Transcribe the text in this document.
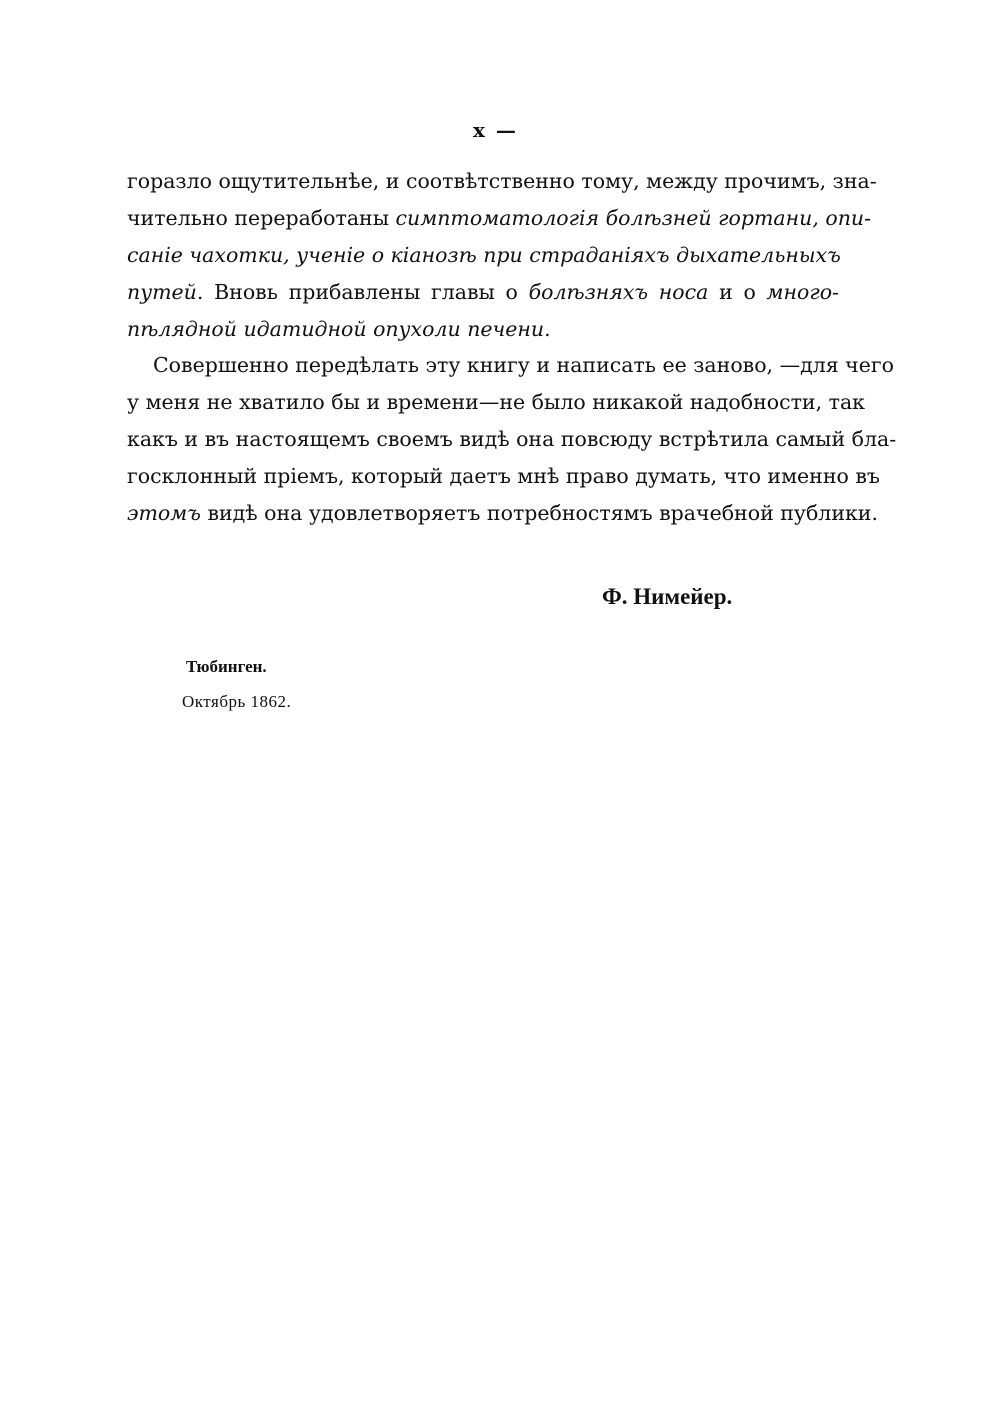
x —
горазло ощутительнѣе, и соотвѣтственно тому, между прочимъ, зна-
чительно переработаны симптоматологія болѣзней гортани, опи-
саніе чахотки, ученіе о кіанозѣ при страданіяхъ дыхательныхъ
путей. Вновь прибавлены главы о болѣзняхъ носа и о много-
пѣлядной идатидной опухоли печени.
Совершенно передѣлать эту книгу и написать ее заново, —для чего
у меня не хватило бы и времени—не было никакой надобности, так
какъ и въ настоящемъ своемъ видѣ она повсюду встрѣтила самый бла-
госклонный пріемъ, который даетъ мнѣ право думать, что именно въ
этомъ видѣ она удовлетворяетъ потребностямъ врачебной публики.
Ф. Нимейер.
Тюбинген.
Октябрь 1862.
